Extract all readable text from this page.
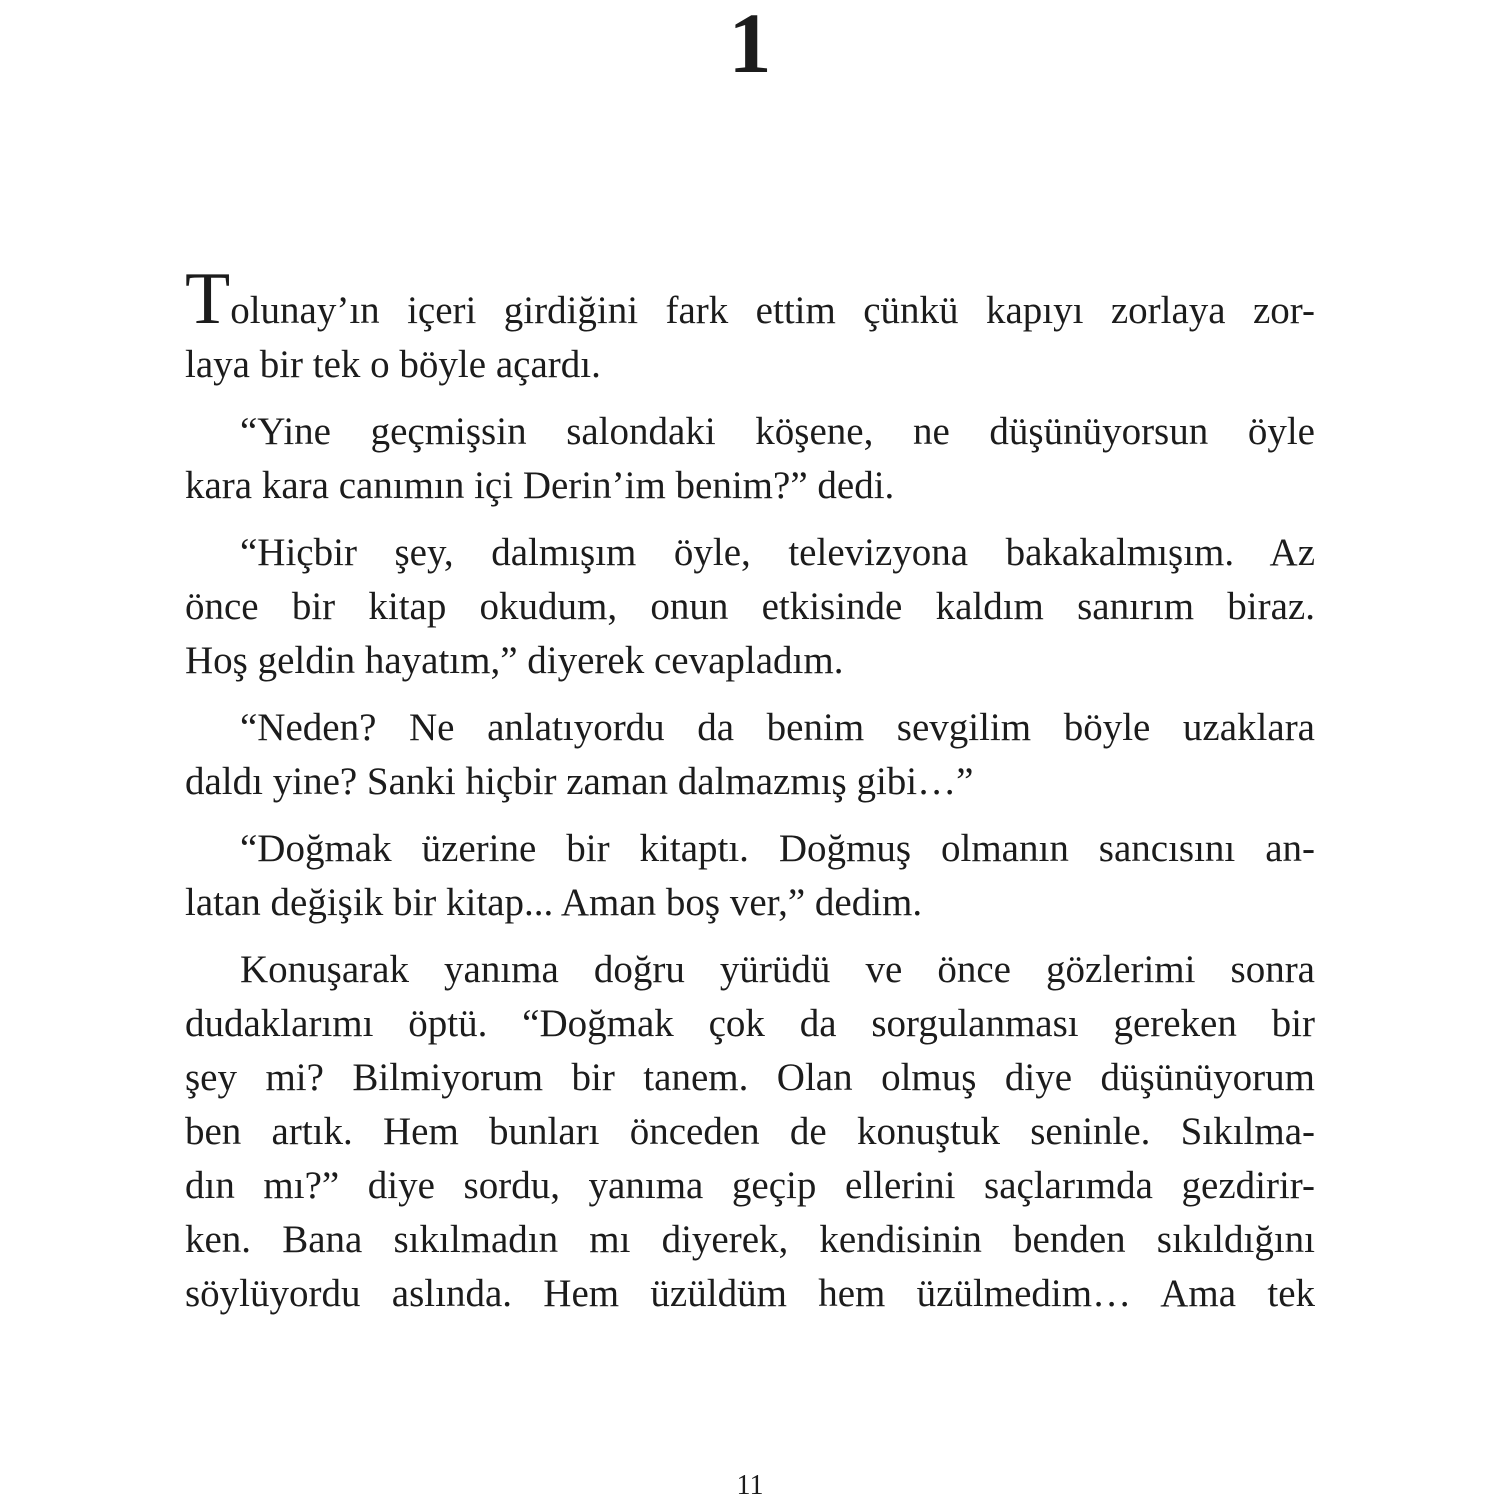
1

Tolunay’ın içeri girdiğini fark ettim çünkü kapıyı zorlaya zor-
laya bir tek o böyle açardı.

“Yine geçmişsin salondaki köşene, ne düşünüyorsun öyle
kara kara canımın içi Derin’im benim?” dedi.

“Hiçbir şey, dalmışım öyle, televizyona bakakalmışım. Az
önce bir kitap okudum, onun etkisinde kaldım sanırım biraz.
Hoş geldin hayatım,” diyerek cevapladım.

“Neden? Ne anlatıyordu da benim sevgilim böyle uzaklara
daldı yine? Sanki hiçbir zaman dalmazmış gibi…”

“Doğmak üzerine bir kitaptı. Doğmuş olmanın sancısını an-
latan değişik bir kitap... Aman boş ver,” dedim.

Konuşarak yanıma doğru yürüdü ve önce gözlerimi sonra
dudaklarımı öptü. “Doğmak çok da sorgulanması gereken bir
şey mi? Bilmiyorum bir tanem. Olan olmuş diye düşünüyorum
ben artık. Hem bunları önceden de konuştuk seninle. Sıkılma-
dın mı?” diye sordu, yanıma geçip ellerini saçlarımda gezdirir-
ken. Bana sıkılmadın mı diyerek, kendisinin benden sıkıldığını
söylüyordu aslında. Hem üzüldüm hem üzülmedim… Ama tek

11
